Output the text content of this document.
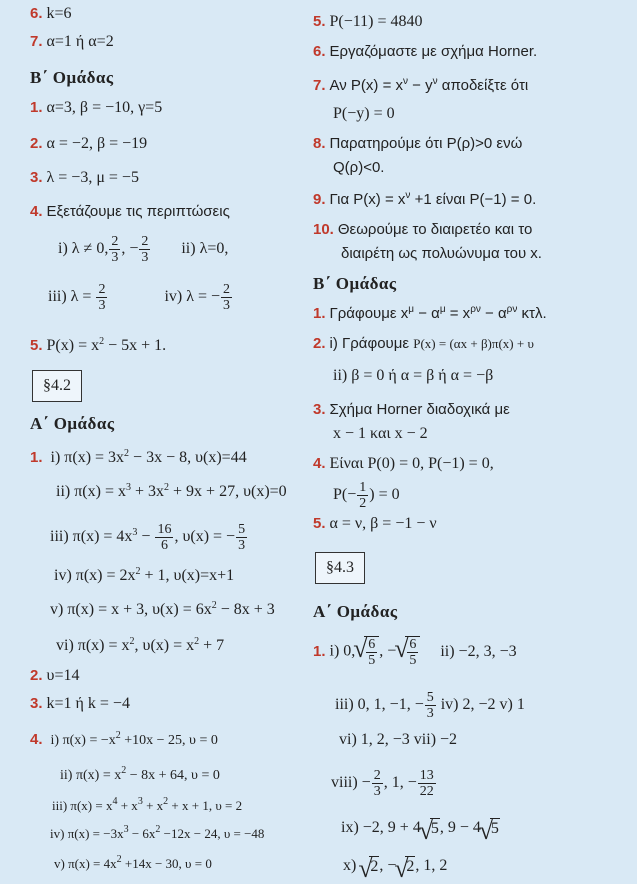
6. k=6
7. α=1 ή α=2
Β΄ Ομάδας
1. α=3, β = −10, γ=5
2. α = −2, β = −19
3. λ = −3, μ = −5
4. Εξετάζουμε τις περιπτώσεις
i) λ ≠ 0, $\frac{2}{3}$ , − $\frac{2}{3} ii$) λ=0,
iii) $\lambda = \frac{2}{3}$	iv) λ = − $\frac{2}{3}$
5. $P(x) = x^2 - 5x + 1$.
§4.2
Α΄ Ομάδας
1. i) $\pi(x) = 3x^2 - 3x - 8$, υ(x)=44
ii) $\pi(x) = x^3 + 3x^2 + 9x + 27$, υ(x)=0
iii) $\pi(x) = 4x^3 - \frac{16}{6}$ , υ(x) = − $\frac{5}{3}$
iv) $\pi(x) = 2x^2 + 1$, υ(x)=x+1
v) π(x) = x + 3, $\upsilon(x) = 6x^2 - 8x + 3$
vi) $\pi(x) = x^2$, $\upsilon(x) = x^2 + 7$
2. υ=14
3. k=1 ή k = −4
4. i) $\pi(x) = -x^2 +10x - 25$, υ = 0
ii) $\pi(x) = x^2 - 8x + 64$, υ = 0
iii) $\pi(x) = x^4 + x^3 + x^2 + x + 1$, υ = 2
iv) $\pi(x) = -3x^3 - 6x^2 -12x - 24$, υ = −48
v) $\pi(x) = 4x^2 +14x - 30$, υ = 0
5. P(−11) = 4840
6. Εργαζόμαστε με σχήμα Horner.
7. Αν $P(x) = x^\nu - y^\nu$ αποδείξτε ότι
P(−y) = 0
8. Παρατηρούμε ότι P(ρ)>0 ενώ
Q(ρ)<0.
9. Για $P(x) = x^\nu +1$ είναι P(−1) = 0.
10. Θεωρούμε το διαιρετέο και το
διαιρέτη ως πολυώνυμα του x.
Β΄ Ομάδας
1. Γράφουμε $x^\mu - \alpha^\mu = x^{\rho\nu} - \alpha^{\rho\nu}$ κτλ.
2. i) Γράφουμε P(x) = (αx + β)π(x) + υ
ii) β = 0 ή α = β ή α = −β
3. Σχήμα Horner διαδοχικά με
x − 1 και x − 2
4. Είναι P(0) = 0, P(−1) = 0,
$P(- \frac{1}{2}$ ) = 0
5. α = ν, β = −1 − ν
§4.3
Α΄ Ομάδας
1. i) 0, √ $\frac{6}{5}$ , − √ $\frac{6}{5} ii) -2$, 3, −3
iii) 0, 1, −1, − $\frac{5}{3} iv$) 2, −2 v) 1
vi) 1, 2, −3 vii) −2
viii) − $\frac{2}{3}$ , 1, − $\frac{13}{22}$
ix) −2, 9 + 4 √ 5, 9 − 4 √ 5
x) √ 2, − √ 2, 1, 2
